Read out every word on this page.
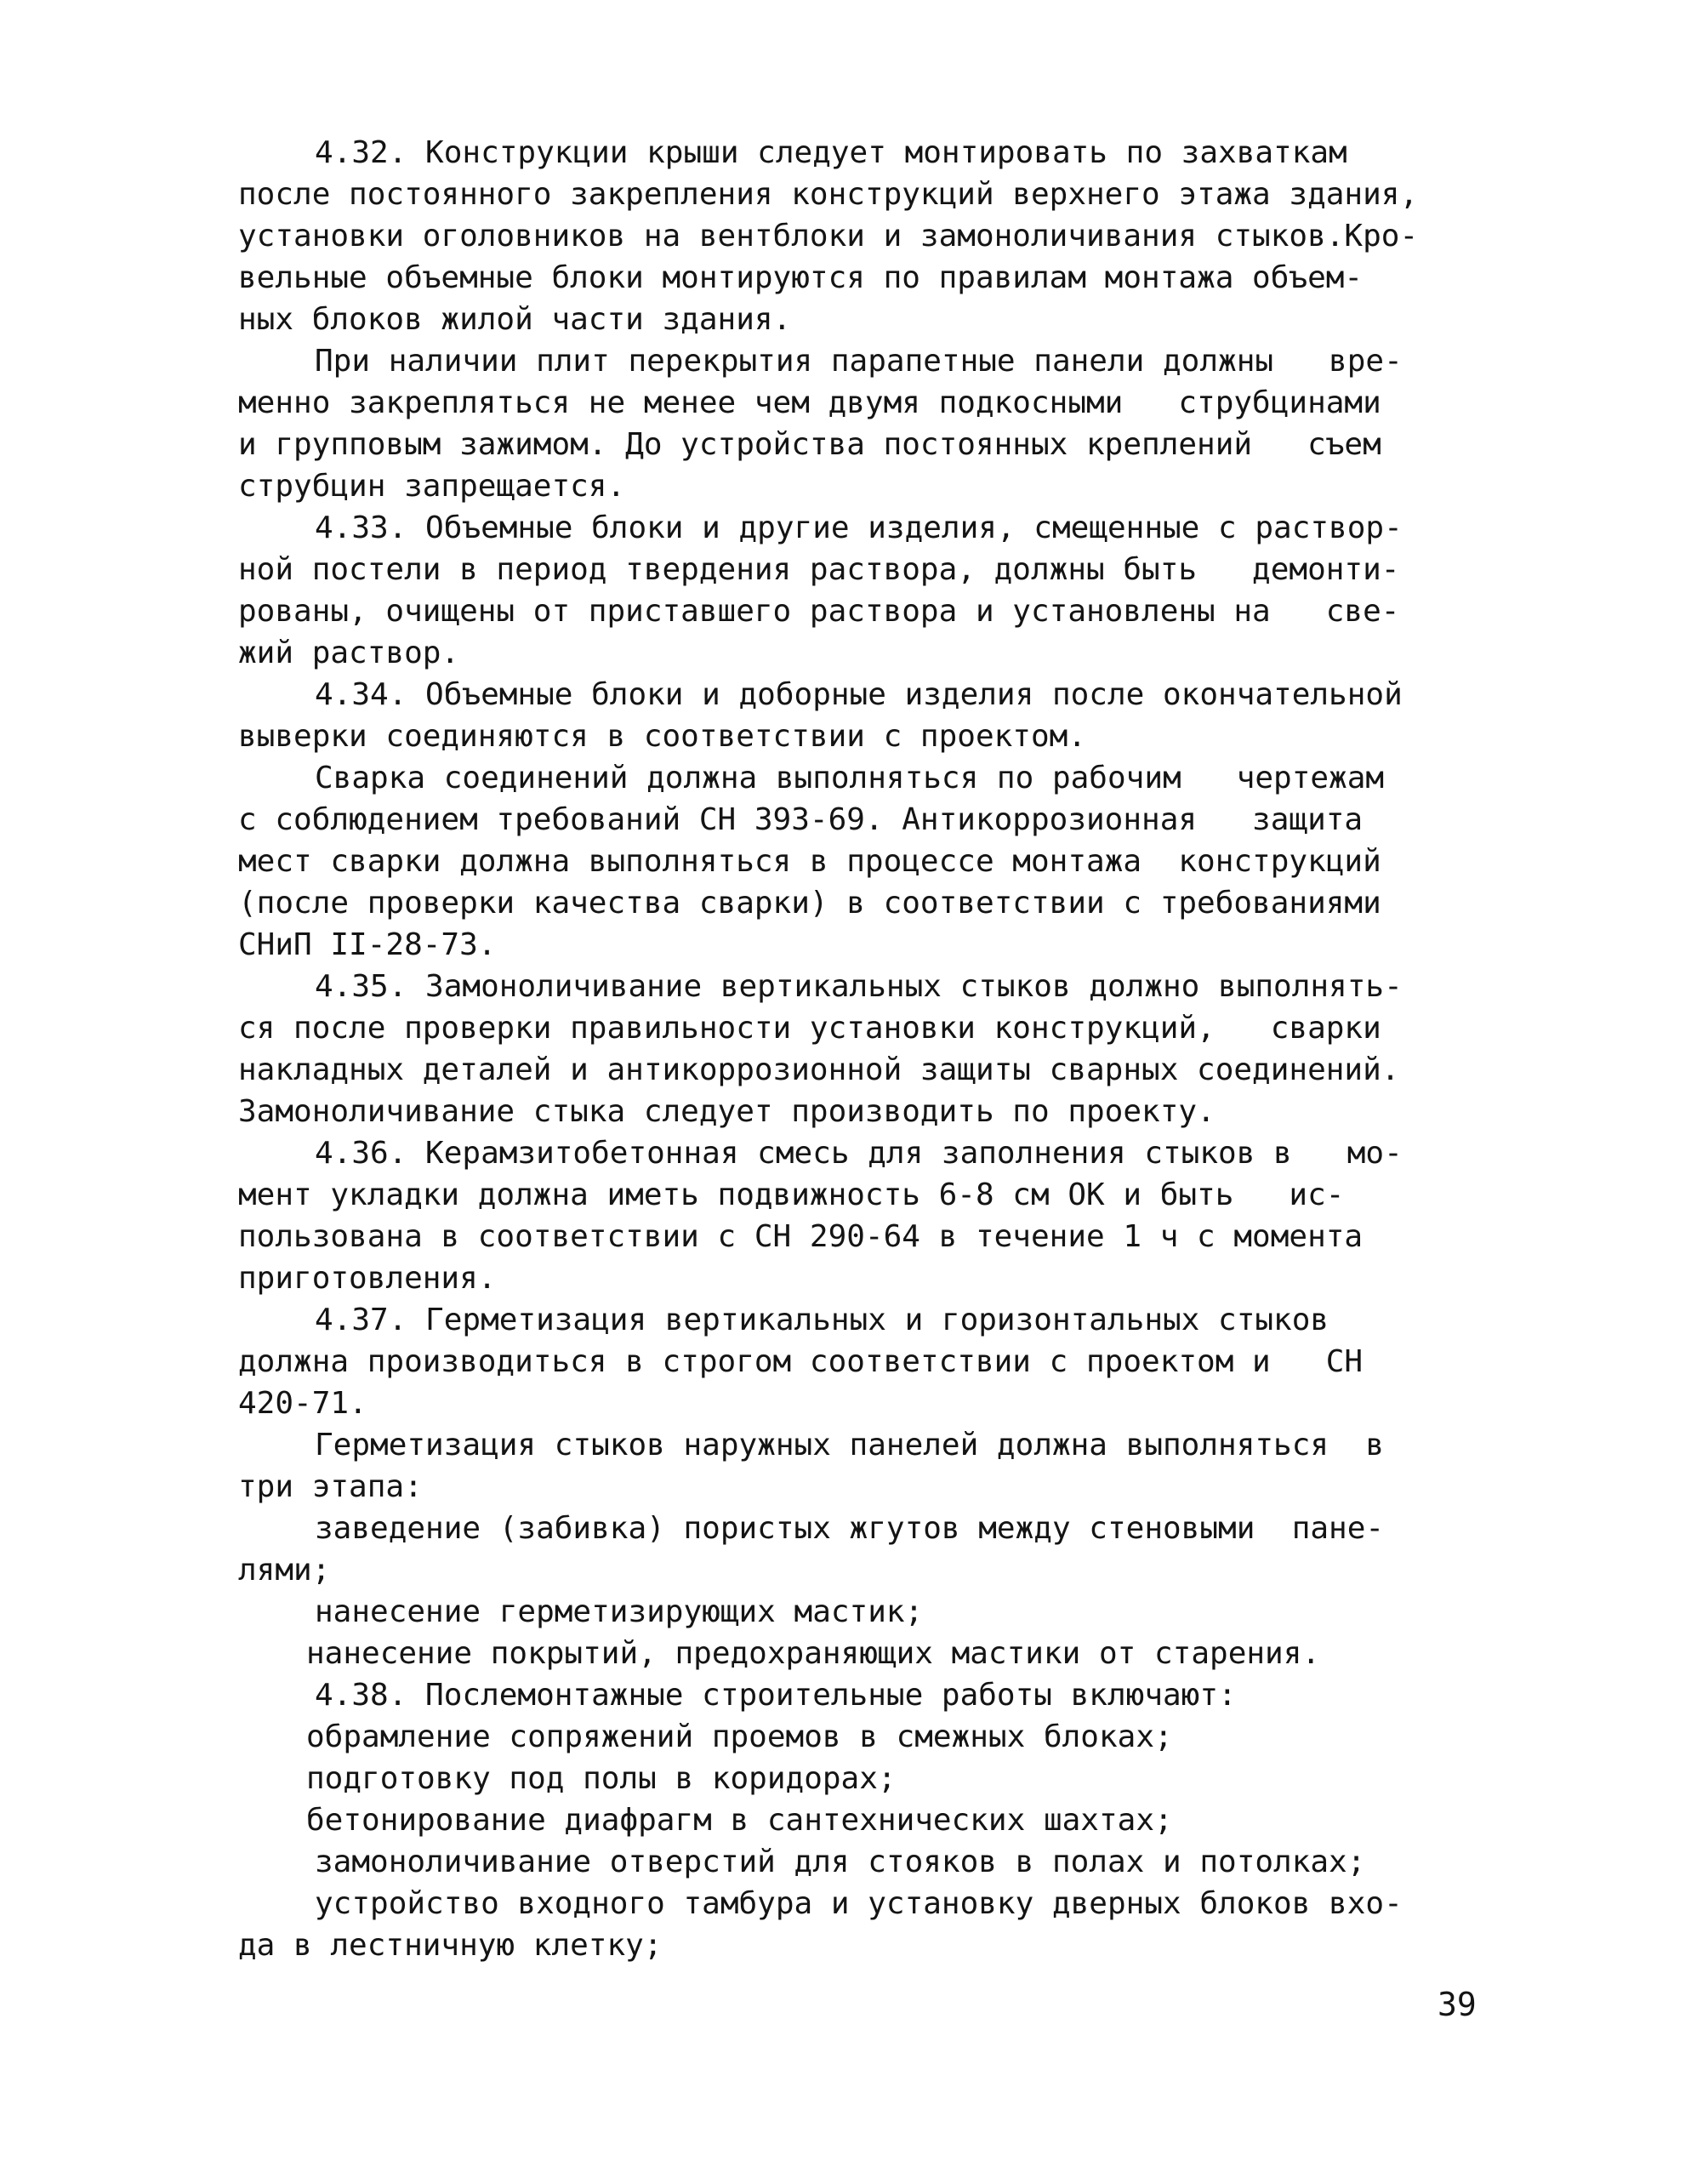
4.32. Конструкции крыши следует монтировать по захваткам
после постоянного закрепления конструкций верхнего этажа здания,
установки оголовников на вентблоки и замоноличивания стыков.Кро-
вельные объемные блоки монтируются по правилам монтажа объем-
ных блоков жилой части здания.
При наличии плит перекрытия парапетные панели должны   вре-
менно закрепляться не менее чем двумя подкосными   струбцинами
и групповым зажимом. До устройства постоянных креплений   съем
струбцин запрещается.
4.33. Объемные блоки и другие изделия, смещенные с раствор-
ной постели в период твердения раствора, должны быть   демонти-
рованы, очищены от приставшего раствора и установлены на   све-
жий раствор.
4.34. Объемные блоки и доборные изделия после окончательной
выверки соединяются в соответствии с проектом.
Сварка соединений должна выполняться по рабочим   чертежам
с соблюдением требований СН 393-69. Антикоррозионная   защита
мест сварки должна выполняться в процессе монтажа  конструкций
(после проверки качества сварки) в соответствии с требованиями
СНиП II-28-73.
4.35. Замоноличивание вертикальных стыков должно выполнять-
ся после проверки правильности установки конструкций,   сварки
накладных деталей и антикоррозионной защиты сварных соединений.
Замоноличивание стыка следует производить по проекту.
4.36. Керамзитобетонная смесь для заполнения стыков в   мо-
мент укладки должна иметь подвижность 6-8 см ОК и быть   ис-
пользована в соответствии с СН 290-64 в течение 1 ч с момента
приготовления.
4.37. Герметизация вертикальных и горизонтальных стыков
должна производиться в строгом соответствии с проектом и   СН
420-71.
Герметизация стыков наружных панелей должна выполняться  в
три этапа:
заведение (забивка) пористых жгутов между стеновыми  пане-
лями;
нанесение герметизирующих мастик;
нанесение покрытий, предохраняющих мастики от старения.
4.38. Послемонтажные строительные работы включают:
обрамление сопряжений проемов в смежных блоках;
подготовку под полы в коридорах;
бетонирование диафрагм в сантехнических шахтах;
замоноличивание отверстий для стояков в полах и потолках;
устройство входного тамбура и установку дверных блоков вхо-
да в лестничную клетку;
39
